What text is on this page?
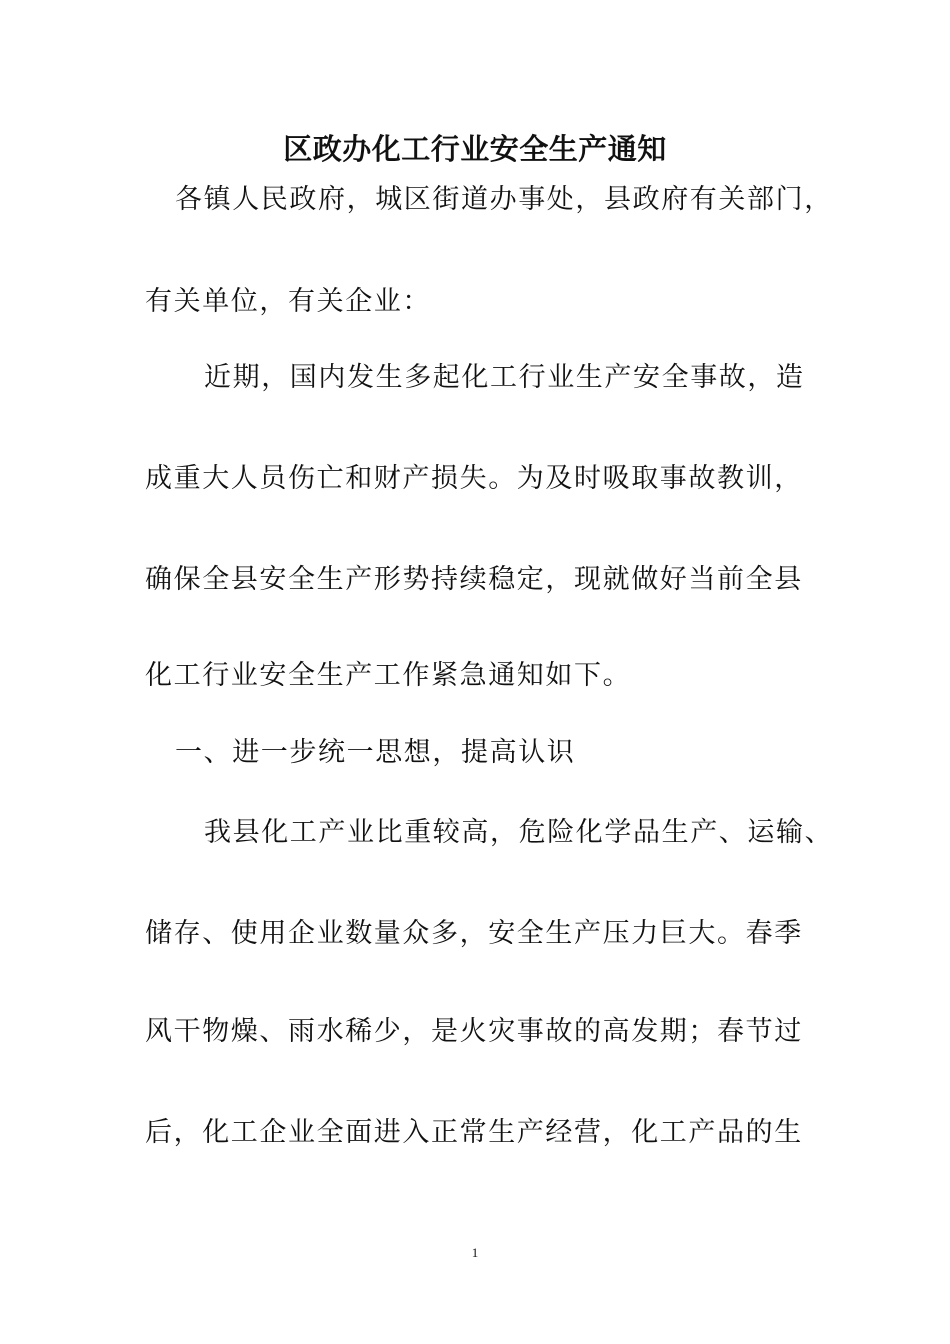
区政办化工行业安全生产通知

各镇人民政府，城区街道办事处，县政府有关部门，

有关单位，有关企业：

近期，国内发生多起化工行业生产安全事故，造

成重大人员伤亡和财产损失。为及时吸取事故教训，

确保全县安全生产形势持续稳定，现就做好当前全县

化工行业安全生产工作紧急通知如下。

一、进一步统一思想，提高认识

我县化工产业比重较高，危险化学品生产、运输、

储存、使用企业数量众多，安全生产压力巨大。春季

风干物燥、雨水稀少，是火灾事故的高发期；春节过

后，化工企业全面进入正常生产经营，化工产品的生

1
